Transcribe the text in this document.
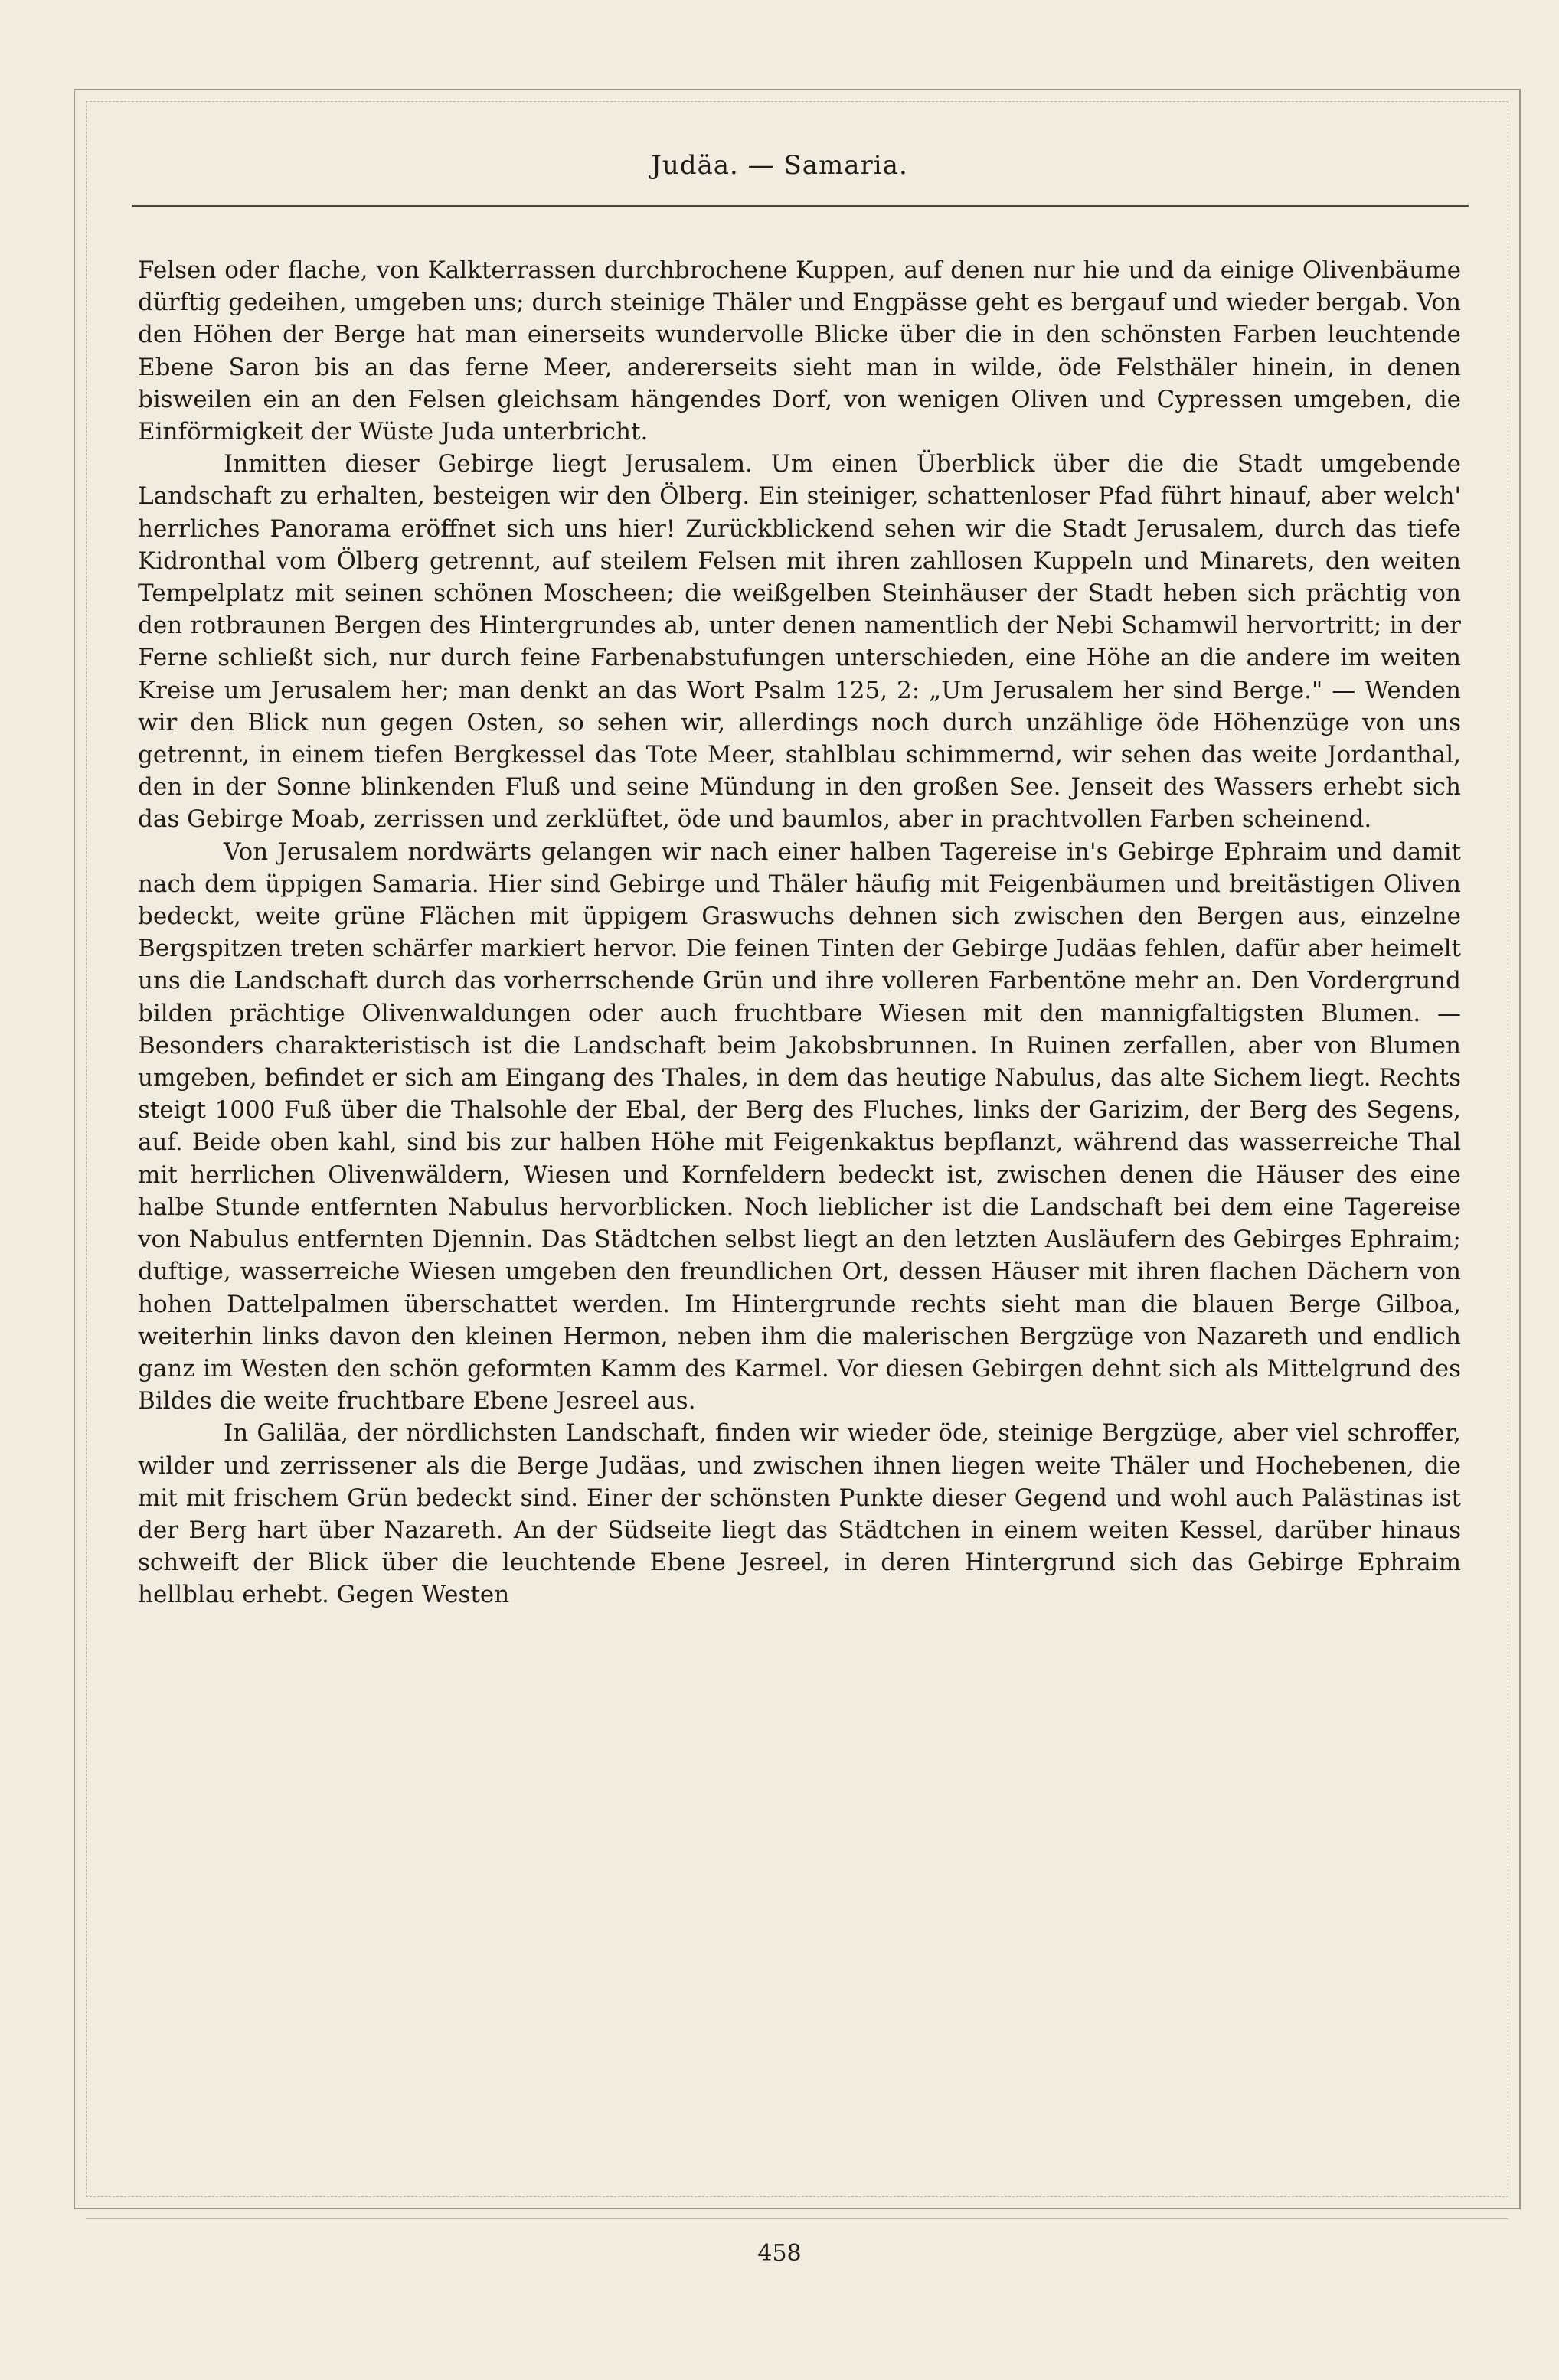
Judäa. — Samaria.

Felsen oder flache, von Kalkterrassen durchbrochene Kuppen, auf denen nur hie und da einige Olivenbäume dürftig gedeihen, umgeben uns; durch steinige Thäler und Engpässe geht es bergauf und wieder bergab. Von den Höhen der Berge hat man einerseits wundervolle Blicke über die in den schönsten Farben leuchtende Ebene Saron bis an das ferne Meer, andererseits sieht man in wilde, öde Felsthäler hinein, in denen bisweilen ein an den Felsen gleichsam hängendes Dorf, von wenigen Oliven und Cypressen umgeben, die Einförmigkeit der Wüste Juda unterbricht.

Inmitten dieser Gebirge liegt Jerusalem. Um einen Überblick über die die Stadt umgebende Landschaft zu erhalten, besteigen wir den Ölberg. Ein steiniger, schattenloser Pfad führt hinauf, aber welch' herrliches Panorama eröffnet sich uns hier! Zurückblickend sehen wir die Stadt Jerusalem, durch das tiefe Kidronthal vom Ölberg getrennt, auf steilem Felsen mit ihren zahllosen Kuppeln und Minarets, den weiten Tempelplatz mit seinen schönen Moscheen; die weißgelben Steinhäuser der Stadt heben sich prächtig von den rotbraunen Bergen des Hintergrundes ab, unter denen namentlich der Nebi Schamwil hervortritt; in der Ferne schließt sich, nur durch feine Farbenabstufungen unterschieden, eine Höhe an die andere im weiten Kreise um Jerusalem her; man denkt an das Wort Psalm 125, 2: „Um Jerusalem her sind Berge." — Wenden wir den Blick nun gegen Osten, so sehen wir, allerdings noch durch unzählige öde Höhenzüge von uns getrennt, in einem tiefen Bergkessel das Tote Meer, stahlblau schimmernd, wir sehen das weite Jordanthal, den in der Sonne blinkenden Fluß und seine Mündung in den großen See. Jenseit des Wassers erhebt sich das Gebirge Moab, zerrissen und zerklüftet, öde und baumlos, aber in prachtvollen Farben scheinend.

Von Jerusalem nordwärts gelangen wir nach einer halben Tagereise in's Gebirge Ephraim und damit nach dem üppigen Samaria. Hier sind Gebirge und Thäler häufig mit Feigenbäumen und breitästigen Oliven bedeckt, weite grüne Flächen mit üppigem Graswuchs dehnen sich zwischen den Bergen aus, einzelne Bergspitzen treten schärfer markiert hervor. Die feinen Tinten der Gebirge Judäas fehlen, dafür aber heimelt uns die Landschaft durch das vorherrschende Grün und ihre volleren Farbentöne mehr an. Den Vordergrund bilden prächtige Olivenwaldungen oder auch fruchtbare Wiesen mit den mannigfaltigsten Blumen. — Besonders charakteristisch ist die Landschaft beim Jakobsbrunnen. In Ruinen zerfallen, aber von Blumen umgeben, befindet er sich am Eingang des Thales, in dem das heutige Nabulus, das alte Sichem liegt. Rechts steigt 1000 Fuß über die Thalsohle der Ebal, der Berg des Fluches, links der Garizim, der Berg des Segens, auf. Beide oben kahl, sind bis zur halben Höhe mit Feigenkaktus bepflanzt, während das wasserreiche Thal mit herrlichen Olivenwäldern, Wiesen und Kornfeldern bedeckt ist, zwischen denen die Häuser des eine halbe Stunde entfernten Nabulus hervorblicken. Noch lieblicher ist die Landschaft bei dem eine Tagereise von Nabulus entfernten Djennin. Das Städtchen selbst liegt an den letzten Ausläufern des Gebirges Ephraim; duftige, wasserreiche Wiesen umgeben den freundlichen Ort, dessen Häuser mit ihren flachen Dächern von hohen Dattelpalmen überschattet werden. Im Hintergrunde rechts sieht man die blauen Berge Gilboa, weiterhin links davon den kleinen Hermon, neben ihm die malerischen Bergzüge von Nazareth und endlich ganz im Westen den schön geformten Kamm des Karmel. Vor diesen Gebirgen dehnt sich als Mittelgrund des Bildes die weite fruchtbare Ebene Jesreel aus.

In Galiläa, der nördlichsten Landschaft, finden wir wieder öde, steinige Bergzüge, aber viel schroffer, wilder und zerrissener als die Berge Judäas, und zwischen ihnen liegen weite Thäler und Hochebenen, die mit mit frischem Grün bedeckt sind. Einer der schönsten Punkte dieser Gegend und wohl auch Palästinas ist der Berg hart über Nazareth. An der Südseite liegt das Städtchen in einem weiten Kessel, darüber hinaus schweift der Blick über die leuchtende Ebene Jesreel, in deren Hintergrund sich das Gebirge Ephraim hellblau erhebt. Gegen Westen

458
